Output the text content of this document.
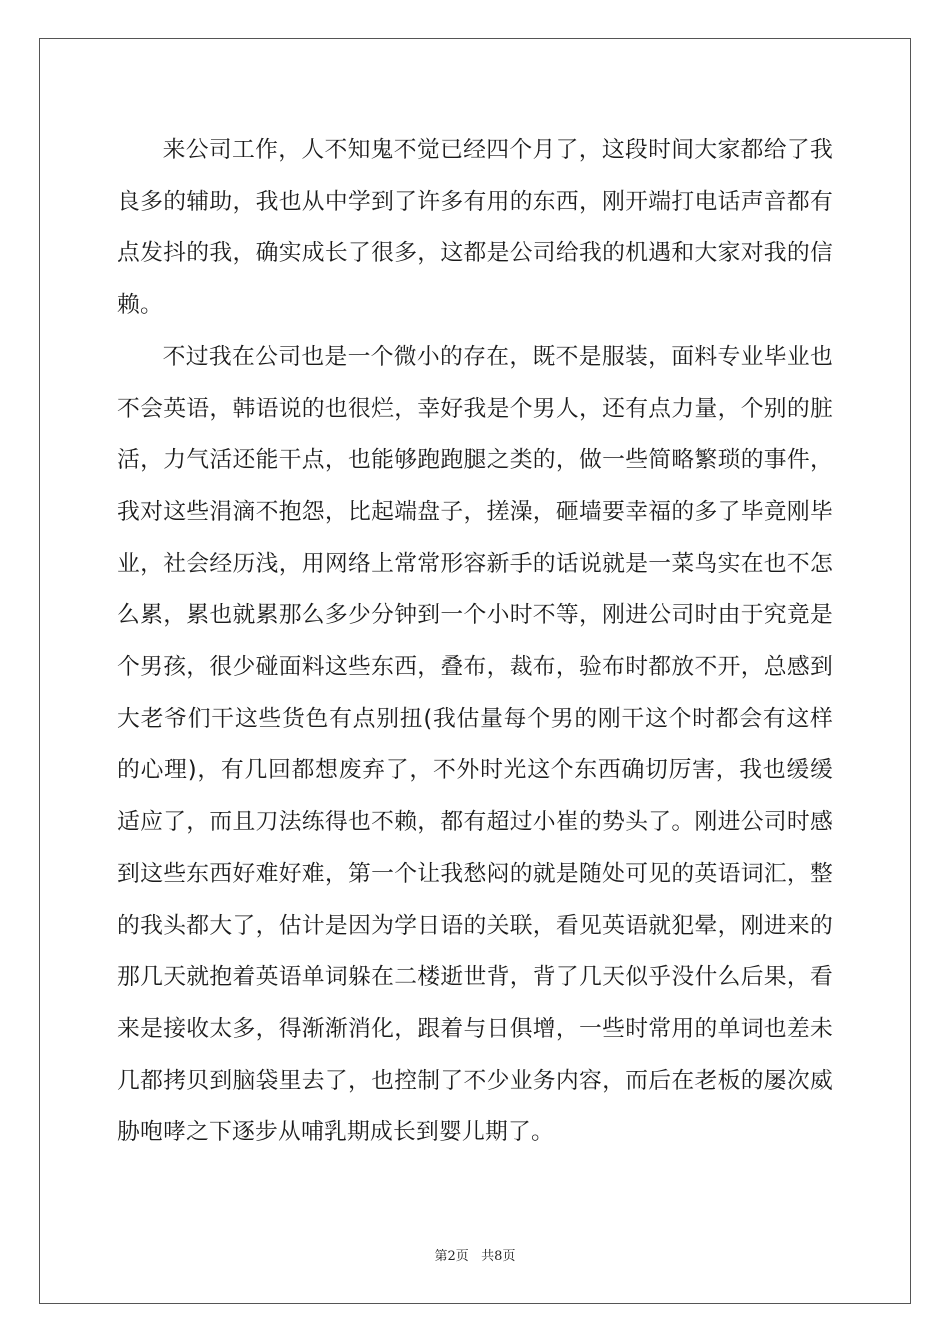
来公司工作，人不知鬼不觉已经四个月了，这段时间大家都给了我良多的辅助，我也从中学到了许多有用的东西，刚开端打电话声音都有点发抖的我，确实成长了很多，这都是公司给我的机遇和大家对我的信赖。

不过我在公司也是一个微小的存在，既不是服装，面料专业毕业也不会英语，韩语说的也很烂，幸好我是个男人，还有点力量，个别的脏活，力气活还能干点，也能够跑跑腿之类的，做一些简略繁琐的事件，我对这些涓滴不抱怨，比起端盘子，搓澡，砸墙要幸福的多了毕竟刚毕业，社会经历浅，用网络上常常形容新手的话说就是一菜鸟实在也不怎么累，累也就累那么多少分钟到一个小时不等，刚进公司时由于究竟是个男孩，很少碰面料这些东西，叠布，裁布，验布时都放不开，总感到大老爷们干这些货色有点别扭(我估量每个男的刚干这个时都会有这样的心理)，有几回都想废弃了，不外时光这个东西确切厉害，我也缓缓适应了，而且刀法练得也不赖，都有超过小崔的势头了。刚进公司时感到这些东西好难好难，第一个让我愁闷的就是随处可见的英语词汇，整的我头都大了，估计是因为学日语的关联，看见英语就犯晕，刚进来的那几天就抱着英语单词躲在二楼逝世背，背了几天似乎没什么后果，看来是接收太多，得渐渐消化，跟着与日俱增，一些时常用的单词也差未几都拷贝到脑袋里去了，也控制了不少业务内容，而后在老板的屡次威胁咆哮之下逐步从哺乳期成长到婴儿期了。

第2页   共8页
